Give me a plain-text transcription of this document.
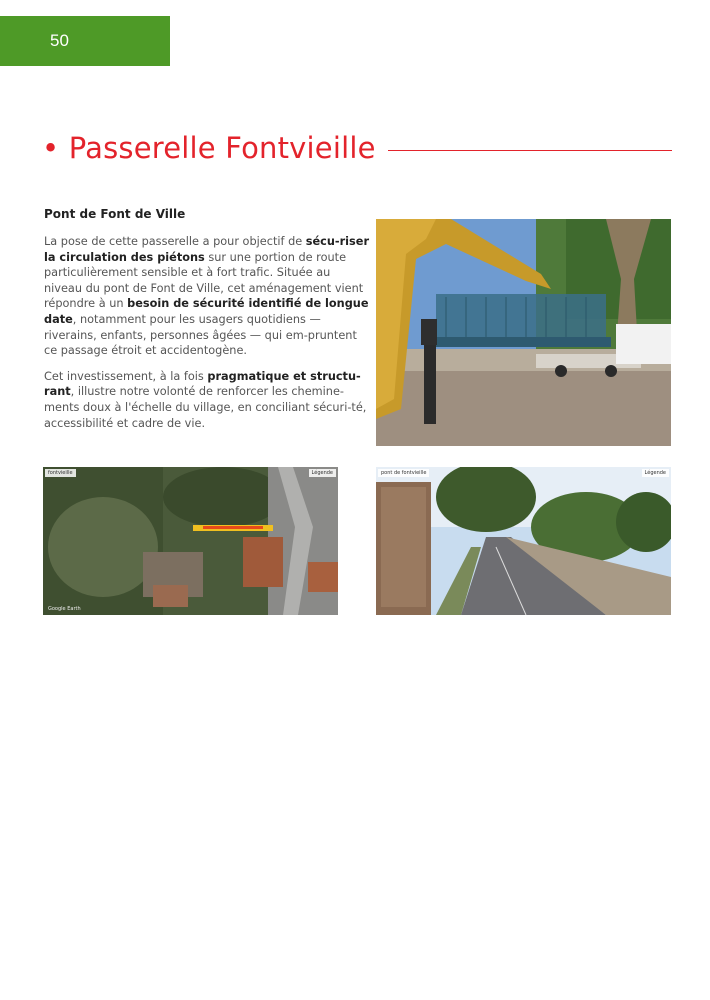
50
• Passerelle Fontvieille
Pont de Font de Ville

La pose de cette passerelle a pour objectif de sécu-riser la circulation des piétons sur une portion de route particulièrement sensible et à fort trafic. Située au niveau du pont de Font de Ville, cet aménagement vient répondre à un besoin de sécurité identifié de longue date, notamment pour les usagers quotidiens — riverains, enfants, personnes âgées — qui em-pruntent ce passage étroit et accidentogène.

Cet investissement, à la fois pragmatique et structu-rant, illustre notre volonté de renforcer les chemine-ments doux à l'échelle du village, en conciliant sécuri-té, accessibilité et cadre de vie.

fontvieille	Légende
Google Earth
pont de fontvieille	Légende
